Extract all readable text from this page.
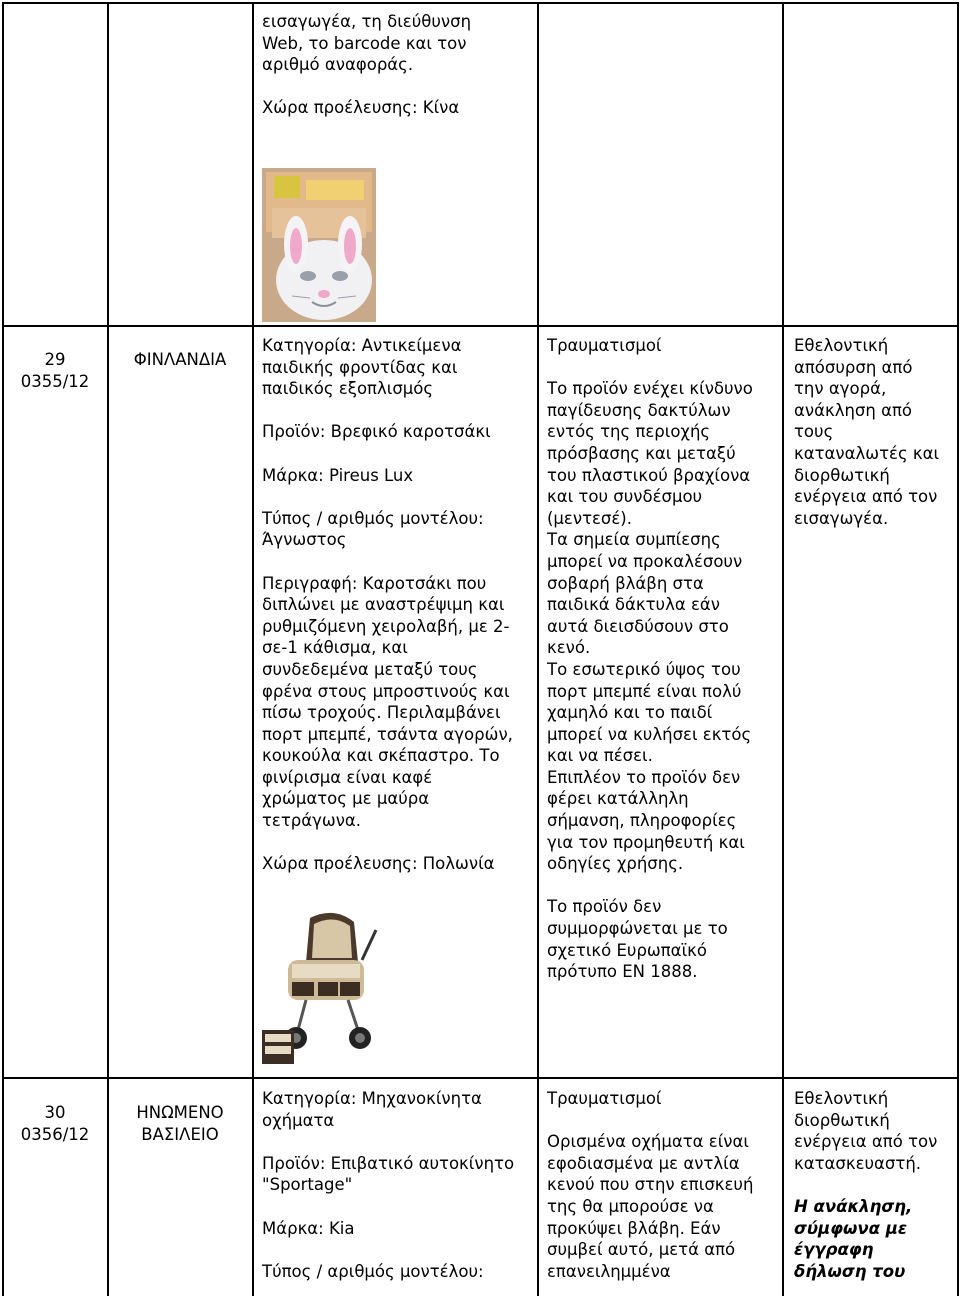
εισαγωγέα, τη διεύθυνση

Web, το barcode και τον

αριθμό αναφοράς.

Χώρα προέλευσης: Κίνα

29

0355/12

ΦΙΝΛΑΝΔΙΑ

Κατηγορία: Αντικείμενα

παιδικής φροντίδας και

παιδικός εξοπλισμός

Προϊόν: Βρεφικό καροτσάκι

Μάρκα: Pireus Lux

Τύπος / αριθμός μοντέλου:

Άγνωστος

Περιγραφή: Καροτσάκι που

διπλώνει με αναστρέψιμη και

ρυθμιζόμενη χειρολαβή, με 2-

σε-1 κάθισμα, και

συνδεδεμένα μεταξύ τους

φρένα στους μπροστινούς και

πίσω τροχούς. Περιλαμβάνει

πορτ μπεμπέ, τσάντα αγορών,

κουκούλα και σκέπαστρο. Το

φινίρισμα είναι καφέ

χρώματος με μαύρα

τετράγωνα.

Χώρα προέλευσης: Πολωνία

Τραυματισμοί

Το προϊόν ενέχει κίνδυνο

παγίδευσης δακτύλων

εντός της περιοχής

πρόσβασης και μεταξύ

του πλαστικού βραχίονα

και του συνδέσμου

(μεντεσέ).

Τα σημεία συμπίεσης

μπορεί να προκαλέσουν

σοβαρή βλάβη στα

παιδικά δάκτυλα εάν

αυτά διεισδύσουν στο

κενό.

Το εσωτερικό ύψος του

πορτ μπεμπέ είναι πολύ

χαμηλό και το παιδί

μπορεί να κυλήσει εκτός

και να πέσει.

Επιπλέον το προϊόν δεν

φέρει κατάλληλη

σήμανση, πληροφορίες

για τον προμηθευτή και

οδηγίες χρήσης.

Το προϊόν δεν

συμμορφώνεται με το

σχετικό Ευρωπαϊκό

πρότυπο EN 1888.

Εθελοντική

απόσυρση από

την αγορά,

ανάκληση από

τους

καταναλωτές και

διορθωτική

ενέργεια από τον

εισαγωγέα.

30

0356/12

ΗΝΩΜΕΝΟ

ΒΑΣΙΛΕΙΟ

Κατηγορία: Μηχανοκίνητα

οχήματα

Προϊόν: Επιβατικό αυτοκίνητο

"Sportage"

Μάρκα: Kia

Τύπος / αριθμός μοντέλου:

Τραυματισμοί

Ορισμένα οχήματα είναι

εφοδιασμένα με αντλία

κενού που στην επισκευή

της θα μπορούσε να

προκύψει βλάβη. Εάν

συμβεί αυτό, μετά από

επανειλημμένα

Εθελοντική

διορθωτική

ενέργεια από τον

κατασκευαστή.

Η ανάκληση,

σύμφωνα με

έγγραφη

δήλωση του
